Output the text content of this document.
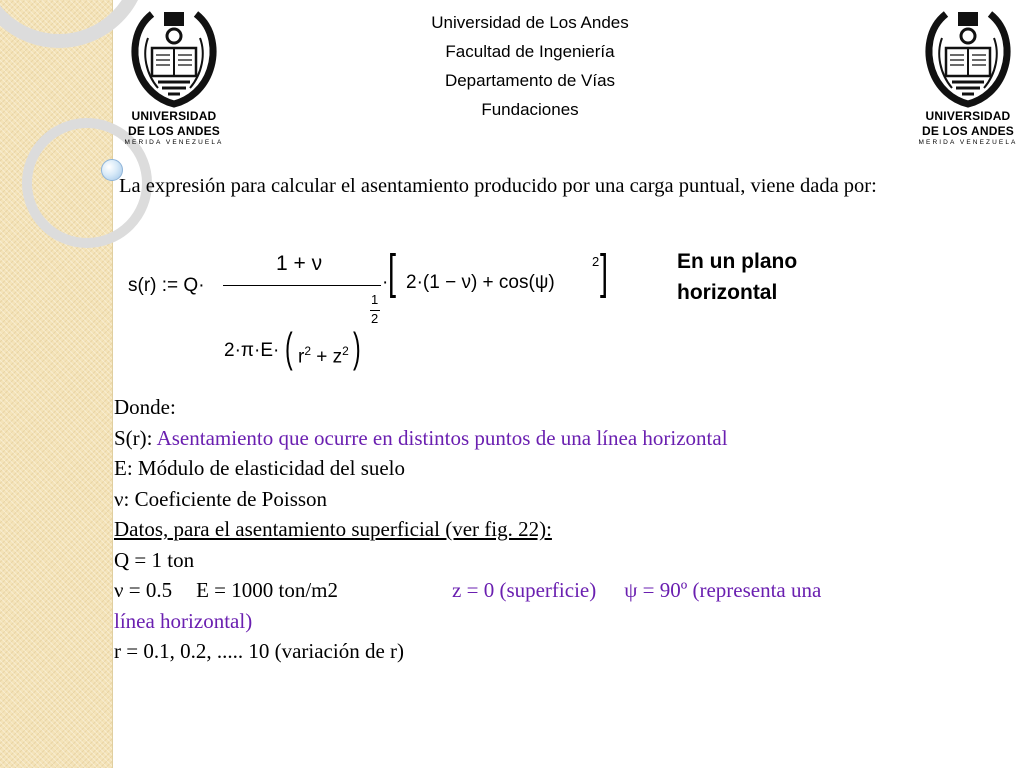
UNIVERSIDAD
DE LOS ANDES
MERIDA VENEZUELA
UNIVERSIDAD
DE LOS ANDES
MERIDA VENEZUELA
Universidad de Los Andes
Facultad de Ingeniería
Departamento de Vías
Fundaciones
La expresión para calcular el asentamiento producido por una carga puntual, viene dada por:
s(r) := Q·
1 + ν
· [ 2·(1 − ν) + cos(ψ)
2 ]
1
2
2·π·E· ( $r^2 + z^2$ )
En un plano
horizontal
Donde:
S(r): Asentamiento que ocurre en distintos puntos de una línea horizontal
E: Módulo de elasticidad del suelo
ν: Coeficiente de Poisson
Datos, para el asentamiento superficial (ver fig. 22):
Q = 1 ton
ν = 0.5 E = 1000 ton/m2	z = 0 (superficie) ψ = 90º (representa una
línea horizontal)
r = 0.1, 0.2, ..... 10 (variación de r)
